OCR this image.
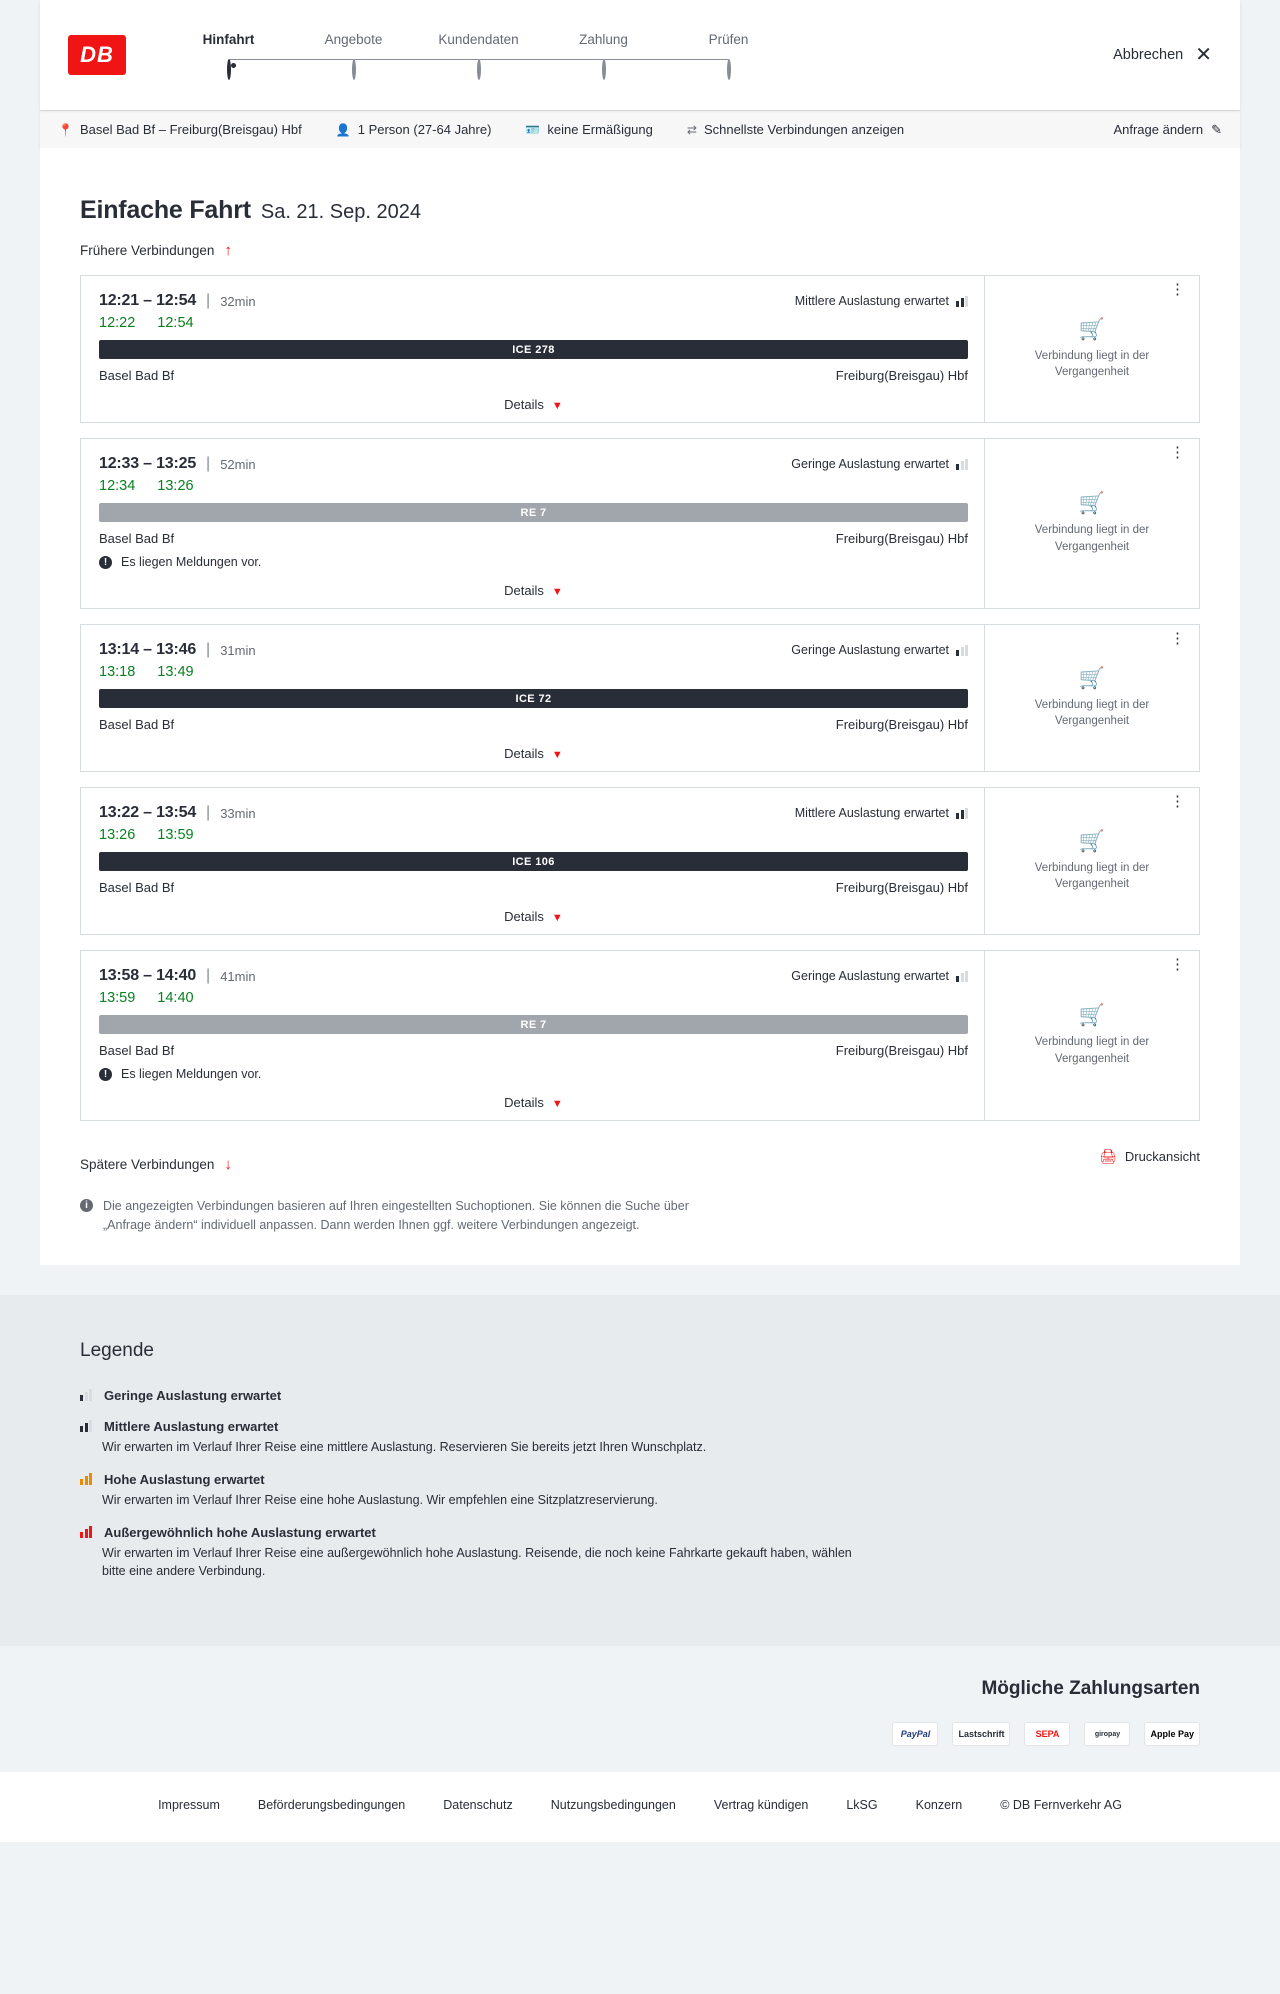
DB
Hinfahrt	Angebote	Kundendaten	Zahlung	Prüfen
Abbrechen ✕
📍 Basel Bad Bf – Freiburg(Breisgau) Hbf	👤 1 Person (27-64 Jahre)	🪪 keine Ermäßigung	⇄ Schnellste Verbindungen anzeigen	Anfrage ändern ✎
Einfache Fahrt Sa. 21. Sep. 2024
Frühere Verbindungen ↑
12:21 – 12:54 | 32min	Mittlere Auslastung erwartet
12:22 12:54
ICE 278
Basel Bad Bf	Freiburg(Breisgau) Hbf
Details ▼
⋮
🛒
Verbindung liegt in der Vergangenheit
12:33 – 13:25 | 52min	Geringe Auslastung erwartet
12:34 13:26
RE 7
Basel Bad Bf	Freiburg(Breisgau) Hbf
!	Es liegen Meldungen vor.
Details ▼
⋮
🛒
Verbindung liegt in der Vergangenheit
13:14 – 13:46 | 31min	Geringe Auslastung erwartet
13:18 13:49
ICE 72
Basel Bad Bf	Freiburg(Breisgau) Hbf
Details ▼
⋮
🛒
Verbindung liegt in der Vergangenheit
13:22 – 13:54 | 33min	Mittlere Auslastung erwartet
13:26 13:59
ICE 106
Basel Bad Bf	Freiburg(Breisgau) Hbf
Details ▼
⋮
🛒
Verbindung liegt in der Vergangenheit
13:58 – 14:40 | 41min	Geringe Auslastung erwartet
13:59 14:40
RE 7
Basel Bad Bf	Freiburg(Breisgau) Hbf
!	Es liegen Meldungen vor.
Details ▼
⋮
🛒
Verbindung liegt in der Vergangenheit
Spätere Verbindungen ↓
🖨 Druckansicht
i	Die angezeigten Verbindungen basieren auf Ihren eingestellten Suchoptionen. Sie können die Suche über „Anfrage ändern“ individuell anpassen. Dann werden Ihnen ggf. weitere Verbindungen angezeigt.
Legende
Geringe Auslastung erwartet
Mittlere Auslastung erwartet
Wir erwarten im Verlauf Ihrer Reise eine mittlere Auslastung. Reservieren Sie bereits jetzt Ihren Wunschplatz.
Hohe Auslastung erwartet
Wir erwarten im Verlauf Ihrer Reise eine hohe Auslastung. Wir empfehlen eine Sitzplatzreservierung.
Außergewöhnlich hohe Auslastung erwartet
Wir erwarten im Verlauf Ihrer Reise eine außergewöhnlich hohe Auslastung. Reisende, die noch keine Fahrkarte gekauft haben, wählen bitte eine andere Verbindung.
Mögliche Zahlungsarten
PayPal	Lastschrift	SEPA	giropay	Apple Pay
Impressum	Beförderungsbedingungen	Datenschutz	Nutzungsbedingungen	Vertrag kündigen	LkSG	Konzern	© DB Fernverkehr AG
